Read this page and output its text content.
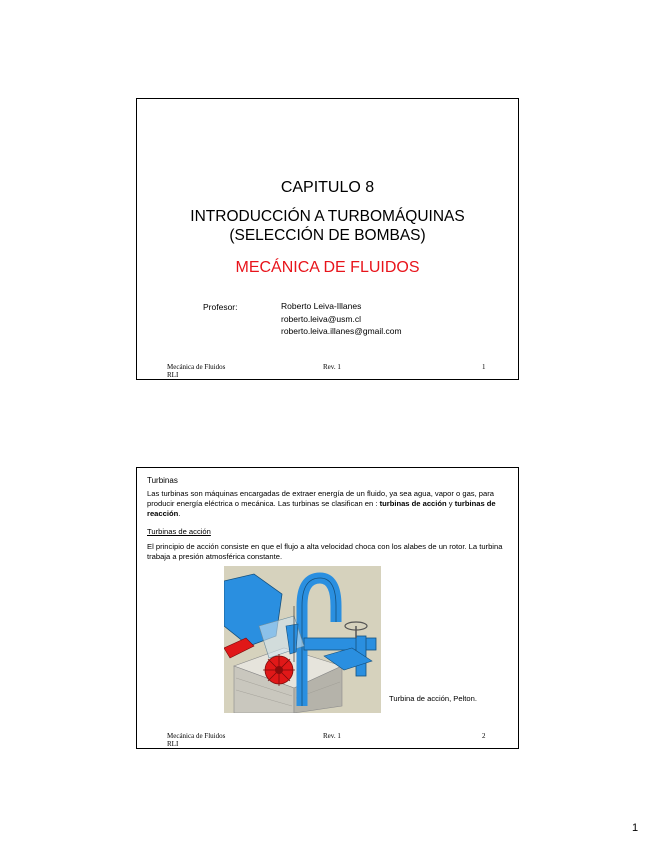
CAPITULO 8
INTRODUCCIÓN A TURBOMÁQUINAS
(SELECCIÓN DE BOMBAS)
MECÁNICA DE FLUIDOS
Profesor:	Roberto Leiva-Illanes
roberto.leiva@usm.cl
roberto.leiva.illanes@gmail.com
Mecánica de Fluidos
RLI
Rev. 1	1
Turbinas
Las turbinas son máquinas encargadas de extraer energía de un fluido, ya sea agua, vapor o gas, para producir energía eléctrica o mecánica. Las turbinas se clasifican en : turbinas de acción y turbinas de reacción.
Turbinas de acción
El principio de acción consiste en que el flujo a alta velocidad choca con los alabes de un rotor. La turbina trabaja a presión atmosférica constante.
Turbina de acción, Pelton.
Mecánica de Fluidos
RLI
Rev. 1	2
1
